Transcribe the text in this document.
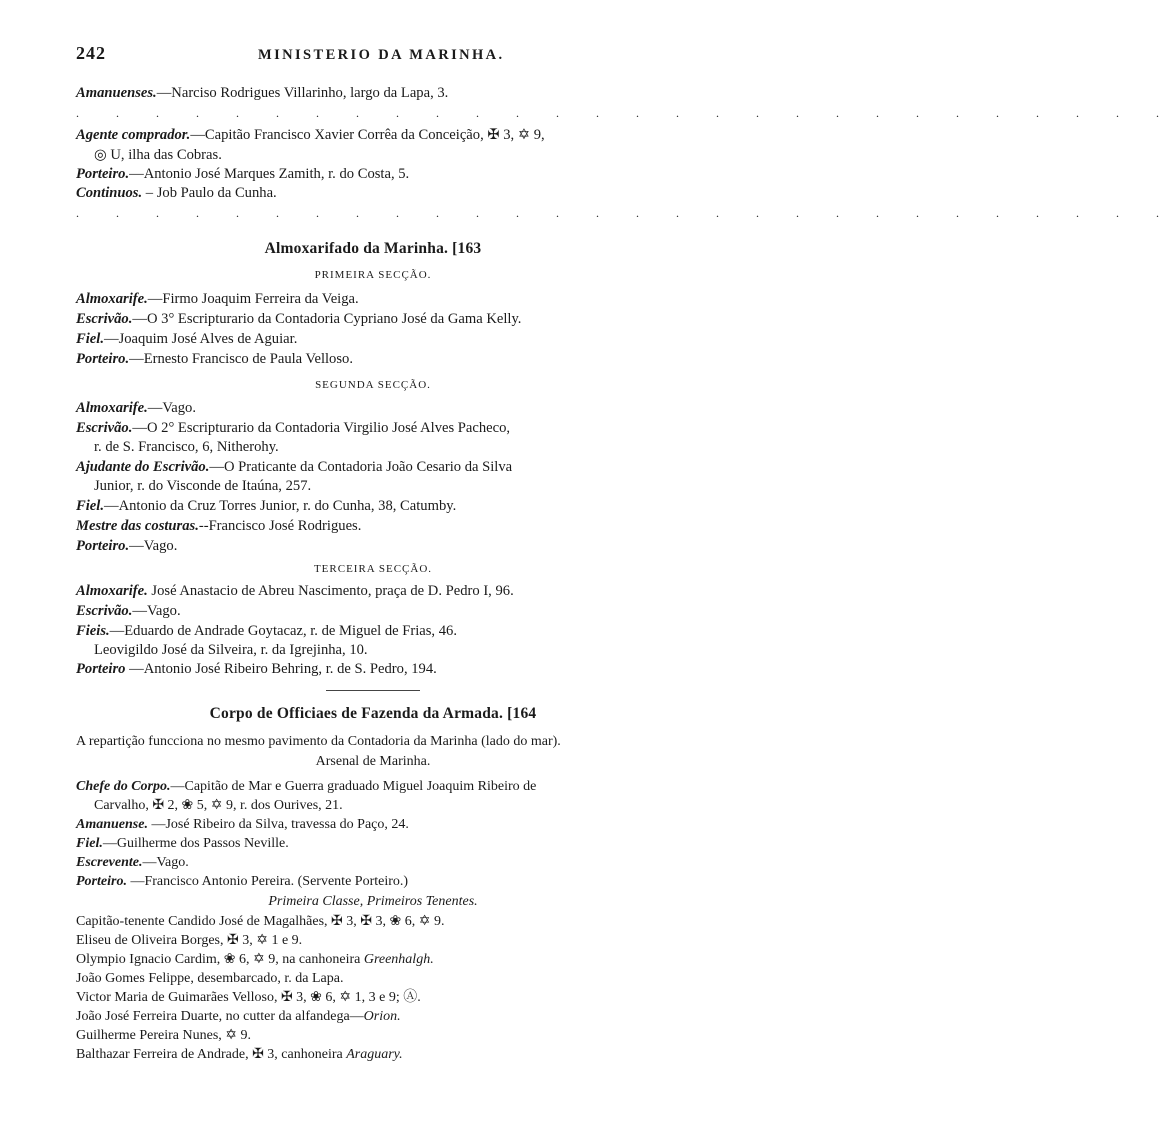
242	MINISTERIO DA MARINHA.
Amanuenses.—Narciso Rodrigues Villarinho, largo da Lapa, 3.
. . . . . . . . . . . . . . . . . . . . . . . . . . . .
Agente comprador.—Capitão Francisco Xavier Corrêa da Conceição, ✠ 3, ✡ 9,
◎ U, ilha das Cobras.
Porteiro.—Antonio José Marques Zamith, r. do Costa, 5.
Continuos. – Job Paulo da Cunha.
. . . . . . . . . . . . . . . . . . . . . . . . . . . .
Almoxarifado da Marinha. [163
PRIMEIRA SECÇÃO.
Almoxarife.—Firmo Joaquim Ferreira da Veiga.
Escrivão.—O 3° Escripturario da Contadoria Cypriano José da Gama Kelly.
Fiel.—Joaquim José Alves de Aguiar.
Porteiro.—Ernesto Francisco de Paula Velloso.
SEGUNDA SECÇÃO.
Almoxarife.—Vago.
Escrivão.—O 2° Escripturario da Contadoria Virgilio José Alves Pacheco,
r. de S. Francisco, 6, Nitherohy.
Ajudante do Escrivão.—O Praticante da Contadoria João Cesario da Silva
Junior, r. do Visconde de Itaúna, 257.
Fiel.—Antonio da Cruz Torres Junior, r. do Cunha, 38, Catumby.
Mestre das costuras.--Francisco José Rodrigues.
Porteiro.—Vago.
TERCEIRA SECÇÃO.
Almoxarife. José Anastacio de Abreu Nascimento, praça de D. Pedro I, 96.
Escrivão.—Vago.
Fieis.—Eduardo de Andrade Goytacaz, r. de Miguel de Frias, 46.
Leovigildo José da Silveira, r. da Igrejinha, 10.
Porteiro —Antonio José Ribeiro Behring, r. de S. Pedro, 194.
Corpo de Officiaes de Fazenda da Armada. [164
A repartição funcciona no mesmo pavimento da Contadoria da Marinha (lado do mar).
Arsenal de Marinha.
Chefe do Corpo.—Capitão de Mar e Guerra graduado Miguel Joaquim Ribeiro de
Carvalho, ✠ 2, ❀ 5, ✡ 9, r. dos Ourives, 21.
Amanuense. —José Ribeiro da Silva, travessa do Paço, 24.
Fiel.—Guilherme dos Passos Neville.
Escrevente.—Vago.
Porteiro. —Francisco Antonio Pereira. (Servente Porteiro.)
Primeira Classe, Primeiros Tenentes.
Capitão-tenente Candido José de Magalhães, ✠ 3, ✠ 3, ❀ 6, ✡ 9.
Eliseu de Oliveira Borges, ✠ 3, ✡ 1 e 9.
Olympio Ignacio Cardim, ❀ 6, ✡ 9, na canhoneira Greenhalgh.
João Gomes Felippe, desembarcado, r. da Lapa.
Victor Maria de Guimarães Velloso, ✠ 3, ❀ 6, ✡ 1, 3 e 9; Ⓐ.
João José Ferreira Duarte, no cutter da alfandega—Orion.
Guilherme Pereira Nunes, ✡ 9.
Balthazar Ferreira de Andrade, ✠ 3, canhoneira Araguary.
